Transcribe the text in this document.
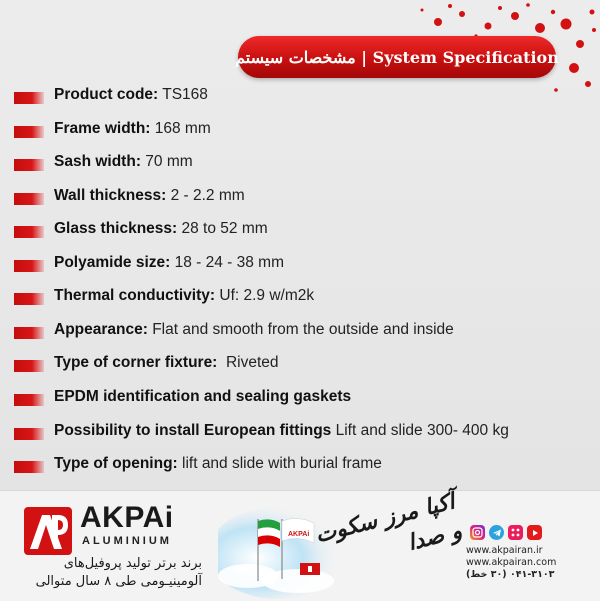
System Specification | مشخصات سیستم
Product code: TS168
Frame width: 168 mm
Sash width: 70 mm
Wall thickness: 2 - 2.2 mm
Glass thickness: 28 to 52 mm
Polyamide size: 18 - 24 - 38 mm
Thermal conductivity: Uf: 2.9 w/m2k
Appearance: Flat and smooth from the outside and inside
Type of corner fixture:  Riveted
EPDM identification and sealing gaskets
Possibility to install European fittings Lift and slide 300- 400 kg
Type of opening: lift and slide with burial frame
AKPAi
ALUMINIUM
برند برتر تولید پروفیل‌های
آلومینیـومی طی ۸ سال متوالی
AKPAi آکپا مرز سکوت و صدا www.akpairan.ir
www.akpairan.com
۰۴۱-۳۱۰۳ (۳۰ خط)
